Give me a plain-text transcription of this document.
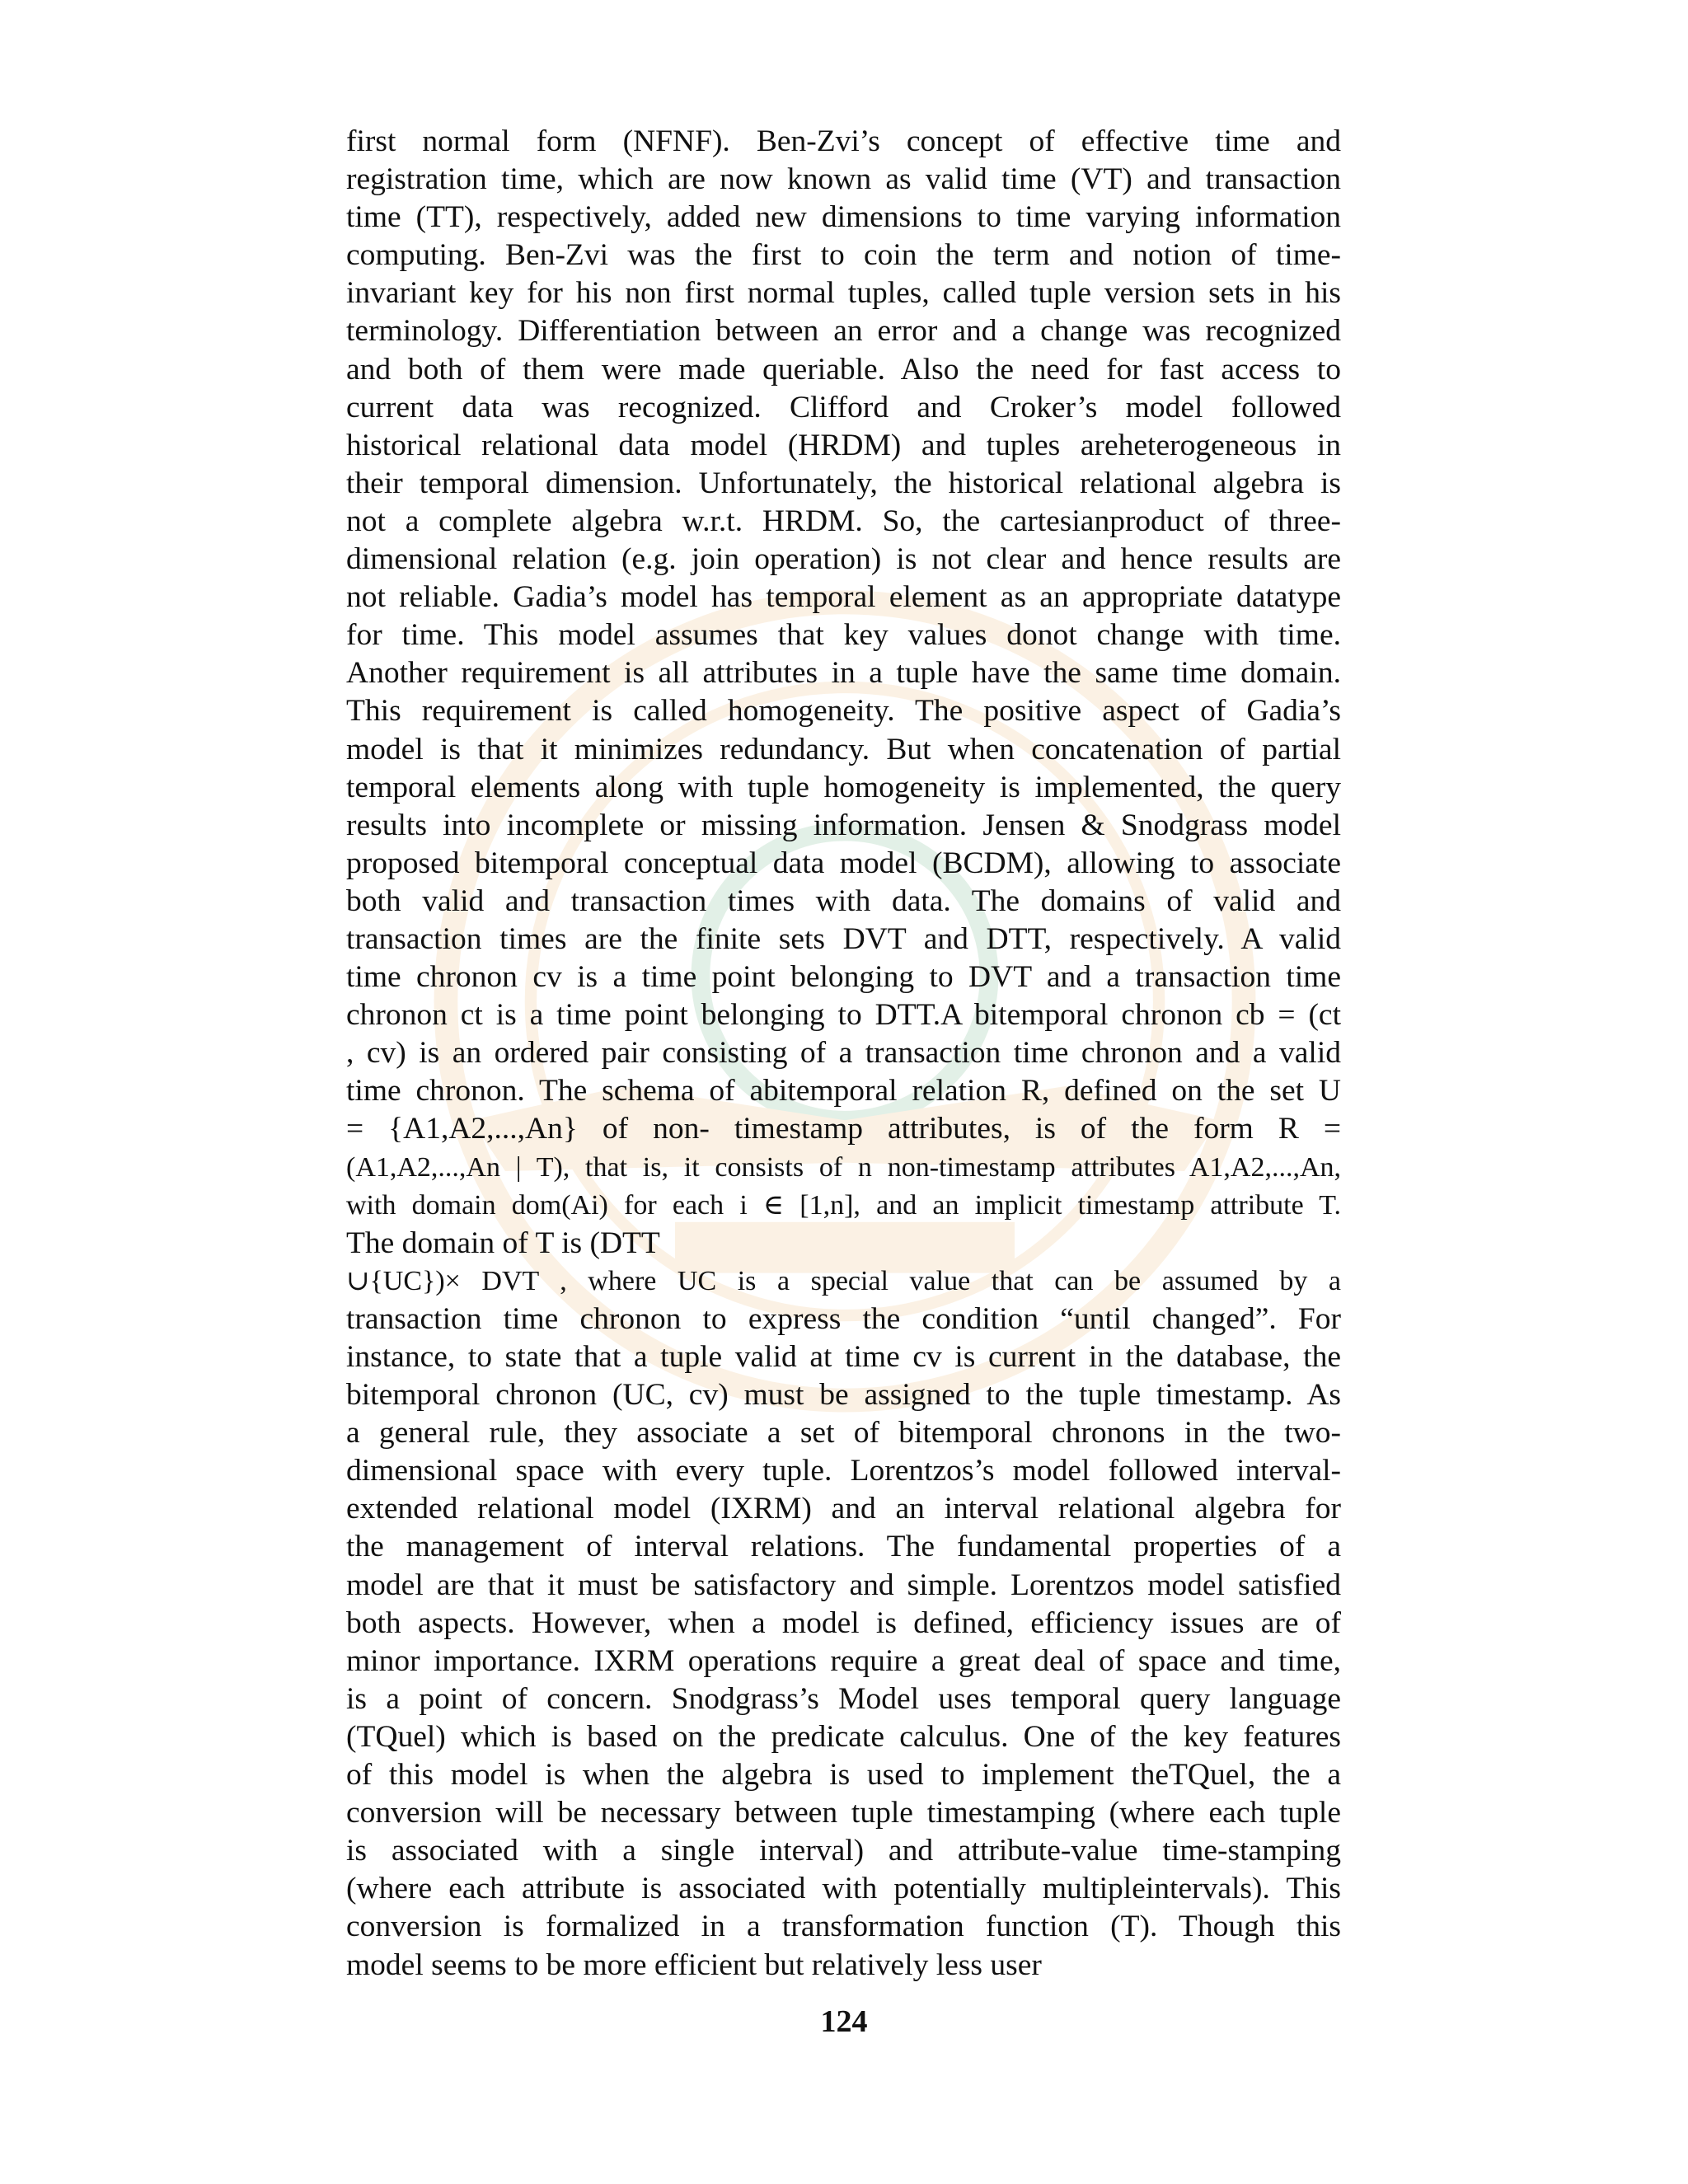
first normal form (NFNF). Ben-Zvi’s concept of effective time and
registration time, which are now known as valid time (VT) and transaction
time (TT), respectively, added new dimensions to time varying information
computing. Ben-Zvi was the first to coin the term and notion of time-
invariant key for his non first normal tuples, called tuple version sets in his
terminology. Differentiation between an error and a change was recognized
and both of them were made queriable. Also the need for fast access to
current data was recognized. Clifford and Croker’s model followed
historical relational data model (HRDM) and tuples areheterogeneous in
their temporal dimension. Unfortunately, the historical relational algebra is
not a complete algebra w.r.t. HRDM. So, the cartesianproduct of three-
dimensional relation (e.g. join operation) is not clear and hence results are
not reliable. Gadia’s model has temporal element as an appropriate datatype
for time. This model assumes that key values donot change with time.
Another requirement is all attributes in a tuple have the same time domain.
This requirement is called homogeneity. The positive aspect of Gadia’s
model is that it minimizes redundancy. But when concatenation of partial
temporal elements along with tuple homogeneity is implemented, the query
results into incomplete or missing information. Jensen & Snodgrass model
proposed bitemporal conceptual data model (BCDM), allowing to associate
both valid and transaction times with data. The domains of valid and
transaction times are the finite sets DVT and DTT, respectively. A valid
time chronon cv is a time point belonging to DVT and a transaction time
chronon ct is a time point belonging to DTT.A bitemporal chronon cb = (ct
, cv) is an ordered pair consisting of a transaction time chronon and a valid
time chronon. The schema of abitemporal relation R, defined on the set U
= {A1,A2,...,An} of non- timestamp attributes, is of the form R =
(A1,A2,...,An | T), that is, it consists of n non-timestamp attributes A1,A2,...,An,
with domain dom(Ai) for each i ∈ [1,n], and an implicit timestamp attribute T.
The domain of T is (DTT
∪{UC})× DVT , where UC is a special value that can be assumed by a
transaction time chronon to express the condition “until changed”. For
instance, to state that a tuple valid at time cv is current in the database, the
bitemporal chronon (UC, cv) must be assigned to the tuple timestamp. As
a general rule, they associate a set of bitemporal chronons in the two-
dimensional space with every tuple. Lorentzos’s model followed interval-
extended relational model (IXRM) and an interval relational algebra for
the management of interval relations. The fundamental properties of a
model are that it must be satisfactory and simple. Lorentzos model satisfied
both aspects. However, when a model is defined, efficiency issues are of
minor importance. IXRM operations require a great deal of space and time,
is a point of concern. Snodgrass’s Model uses temporal query language
(TQuel) which is based on the predicate calculus. One of the key features
of this model is when the algebra is used to implement theTQuel, the a
conversion will be necessary between tuple timestamping (where each tuple
is associated with a single interval) and attribute-value time-stamping
(where each attribute is associated with potentially multipleintervals). This
conversion is formalized in a transformation function (T). Though this
model seems to be more efficient but relatively less user
124
